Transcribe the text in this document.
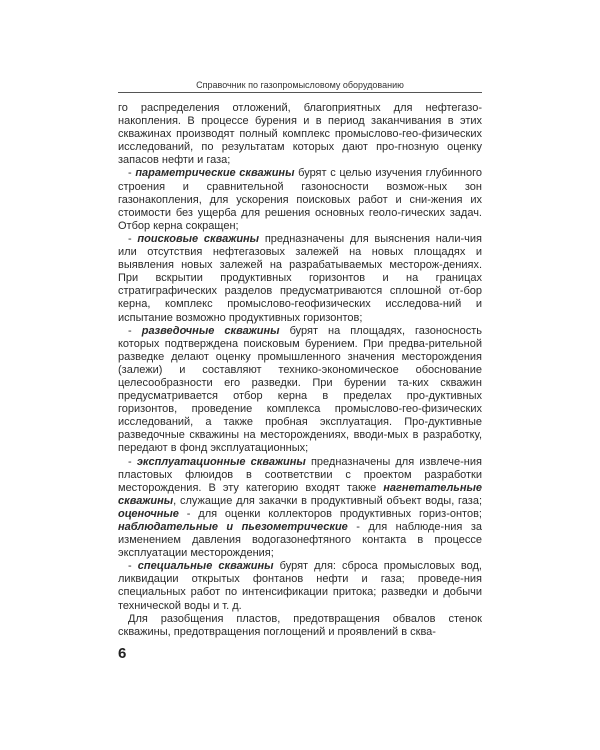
Справочник по газопромысловому оборудованию

го распределения отложений, благоприятных для нефтегазо-накопления. В процессе бурения и в период заканчивания в этих скважинах производят полный комплекс промыслово-гео-физических исследований, по результатам которых дают про-гнозную оценку запасов нефти и газа;

- параметрические скважины бурят с целью изучения глубинного строения и сравнительной газоносности возмож-ных зон газонакопления, для ускорения поисковых работ и сни-жения их стоимости без ущерба для решения основных геоло-гических задач. Отбор керна сокращен;

- поисковые скважины предназначены для выяснения нали-чия или отсутствия нефтегазовых залежей на новых площадях и выявления новых залежей на разрабатываемых месторож-дениях. При вскрытии продуктивных горизонтов и на границах стратиграфических разделов предусматриваются сплошной от-бор керна, комплекс промыслово-геофизических исследова-ний и испытание возможно продуктивных горизонтов;

- разведочные скважины бурят на площадях, газоносность которых подтверждена поисковым бурением. При предва-рительной разведке делают оценку промышленного значения месторождения (залежи) и составляют технико-экономическое обоснование целесообразности его разведки. При бурении та-ких скважин предусматривается отбор керна в пределах про-дуктивных горизонтов, проведение комплекса промыслово-гео-физических исследований, а также пробная эксплуатация. Про-дуктивные разведочные скважины на месторождениях, вводи-мых в разработку, передают в фонд эксплуатационных;

- эксплуатационные скважины предназначены для извлече-ния пластовых флюидов в соответствии с проектом разработки месторождения. В эту категорию входят также нагнетательные скважины, служащие для закачки в продуктивный объект воды, газа; оценочные - для оценки коллекторов продуктивных гориз-онтов; наблюдательные и пьезометрические - для наблюде-ния за изменением давления водогазонефтяного контакта в процессе эксплуатации месторождения;

- специальные скважины бурят для: сброса промысловых вод, ликвидации открытых фонтанов нефти и газа; проведе-ния специальных работ по интенсификации притока; разведки и добычи технической воды и т. д.

Для разобщения пластов, предотвращения обвалов стенок скважины, предотвращения поглощений и проявлений в сква-

6
